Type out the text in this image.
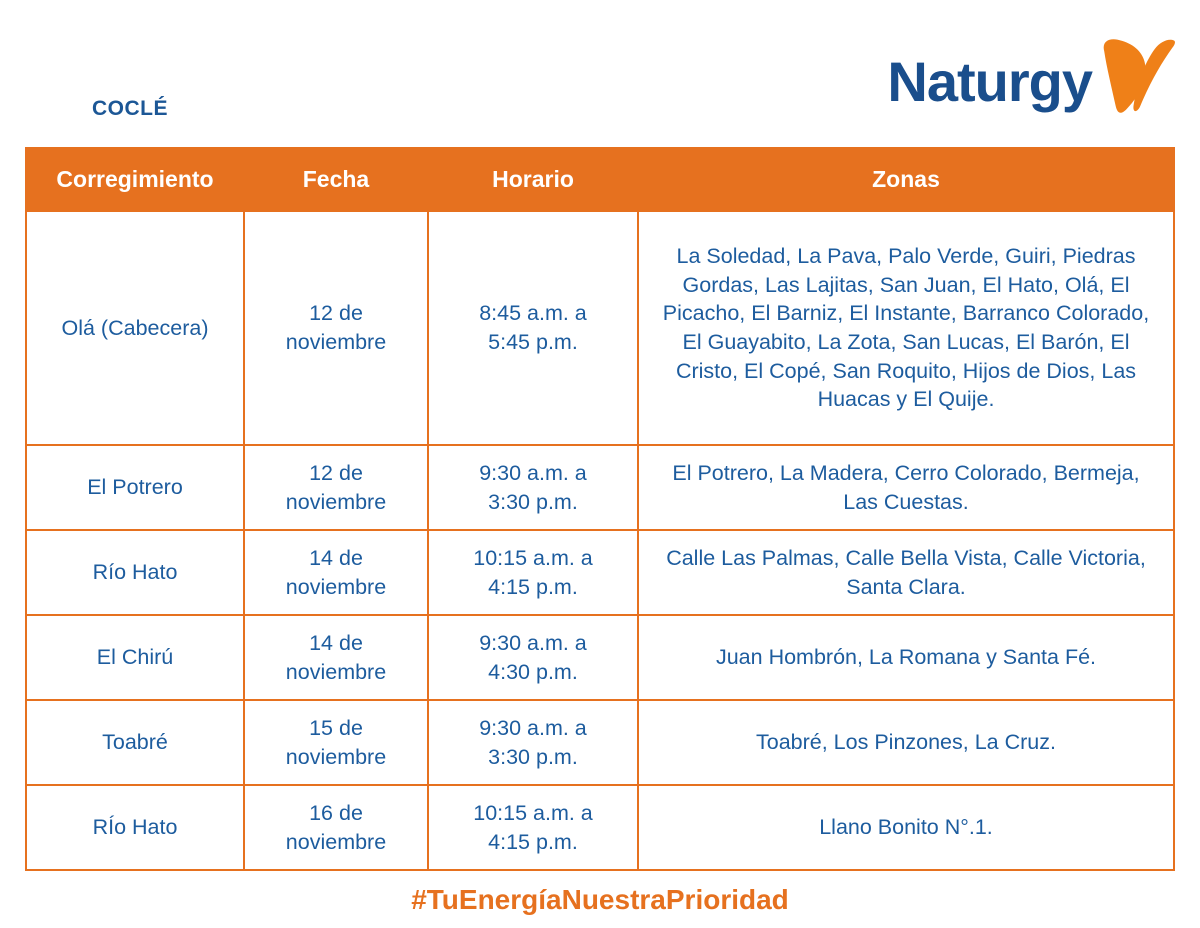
COCLÉ	Naturgy
Corregimiento	Fecha	Horario	Zonas
Olá (Cabecera)	12 de noviembre	8:45 a.m. a 5:45 p.m.	La Soledad, La Pava, Palo Verde, Guiri, Piedras Gordas, Las Lajitas, San Juan, El Hato, Olá, El Picacho, El Barniz, El Instante, Barranco Colorado, El Guayabito, La Zota, San Lucas, El Barón, El Cristo, El Copé, San Roquito, Hijos de Dios, Las Huacas y El Quije.
El Potrero	12 de noviembre	9:30 a.m. a 3:30 p.m.	El Potrero, La Madera, Cerro Colorado, Bermeja, Las Cuestas.
Río Hato	14 de noviembre	10:15 a.m. a 4:15 p.m.	Calle Las Palmas, Calle Bella Vista, Calle Victoria, Santa Clara.
El Chirú	14 de noviembre	9:30 a.m. a 4:30 p.m.	Juan Hombrón, La Romana y Santa Fé.
Toabré	15 de noviembre	9:30 a.m. a 3:30 p.m.	Toabré, Los Pinzones, La Cruz.
RÍo Hato	16 de noviembre	10:15 a.m. a 4:15 p.m.	Llano Bonito N°.1.
#TuEnergíaNuestraPrioridad
